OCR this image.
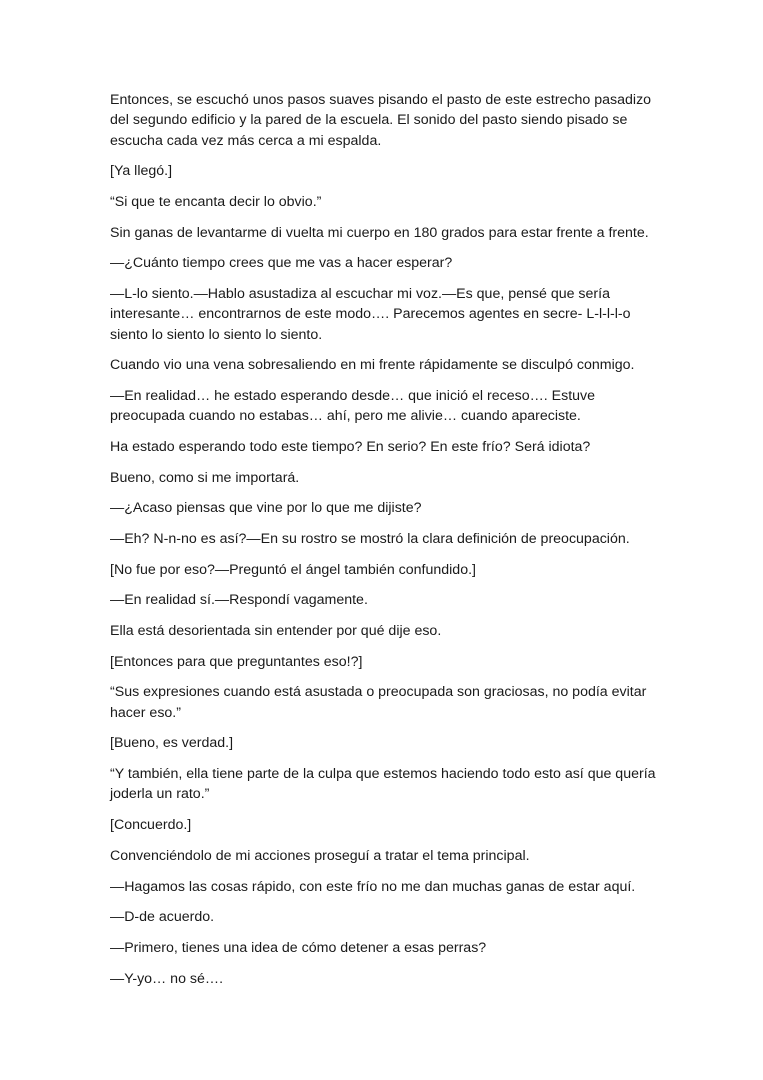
Entonces, se escuchó unos pasos suaves pisando el pasto de este estrecho pasadizo del segundo edificio y la pared de la escuela. El sonido del pasto siendo pisado se escucha cada vez más cerca a mi espalda.

[Ya llegó.]

“Si que te encanta decir lo obvio.”

Sin ganas de levantarme di vuelta mi cuerpo en 180 grados para estar frente a frente.

—¿Cuánto tiempo crees que me vas a hacer esperar?

—L-lo siento.—Hablo asustadiza al escuchar mi voz.—Es que, pensé que sería interesante… encontrarnos de este modo…. Parecemos agentes en secre- L-l-l-l-o siento lo siento lo siento lo siento.

Cuando vio una vena sobresaliendo en mi frente rápidamente se disculpó conmigo.

—En realidad… he estado esperando desde… que inició el receso…. Estuve preocupada cuando no estabas… ahí, pero me alivie… cuando apareciste.

Ha estado esperando todo este tiempo? En serio? En este frío? Será idiota?

Bueno, como si me importará.

—¿Acaso piensas que vine por lo que me dijiste?

—Eh? N-n-no es así?—En su rostro se mostró la clara definición de preocupación.

[No fue por eso?—Preguntó el ángel también confundido.]

—En realidad sí.—Respondí vagamente.

Ella está desorientada sin entender por qué dije eso.

[Entonces para que preguntantes eso!?]

“Sus expresiones cuando está asustada o preocupada son graciosas, no podía evitar hacer eso.”

[Bueno, es verdad.]

“Y también, ella tiene parte de la culpa que estemos haciendo todo esto así que quería joderla un rato.”

[Concuerdo.]

Convenciéndolo de mi acciones proseguí a tratar el tema principal.

—Hagamos las cosas rápido, con este frío no me dan muchas ganas de estar aquí.

—D-de acuerdo.

—Primero, tienes una idea de cómo detener a esas perras?

—Y-yo… no sé….
